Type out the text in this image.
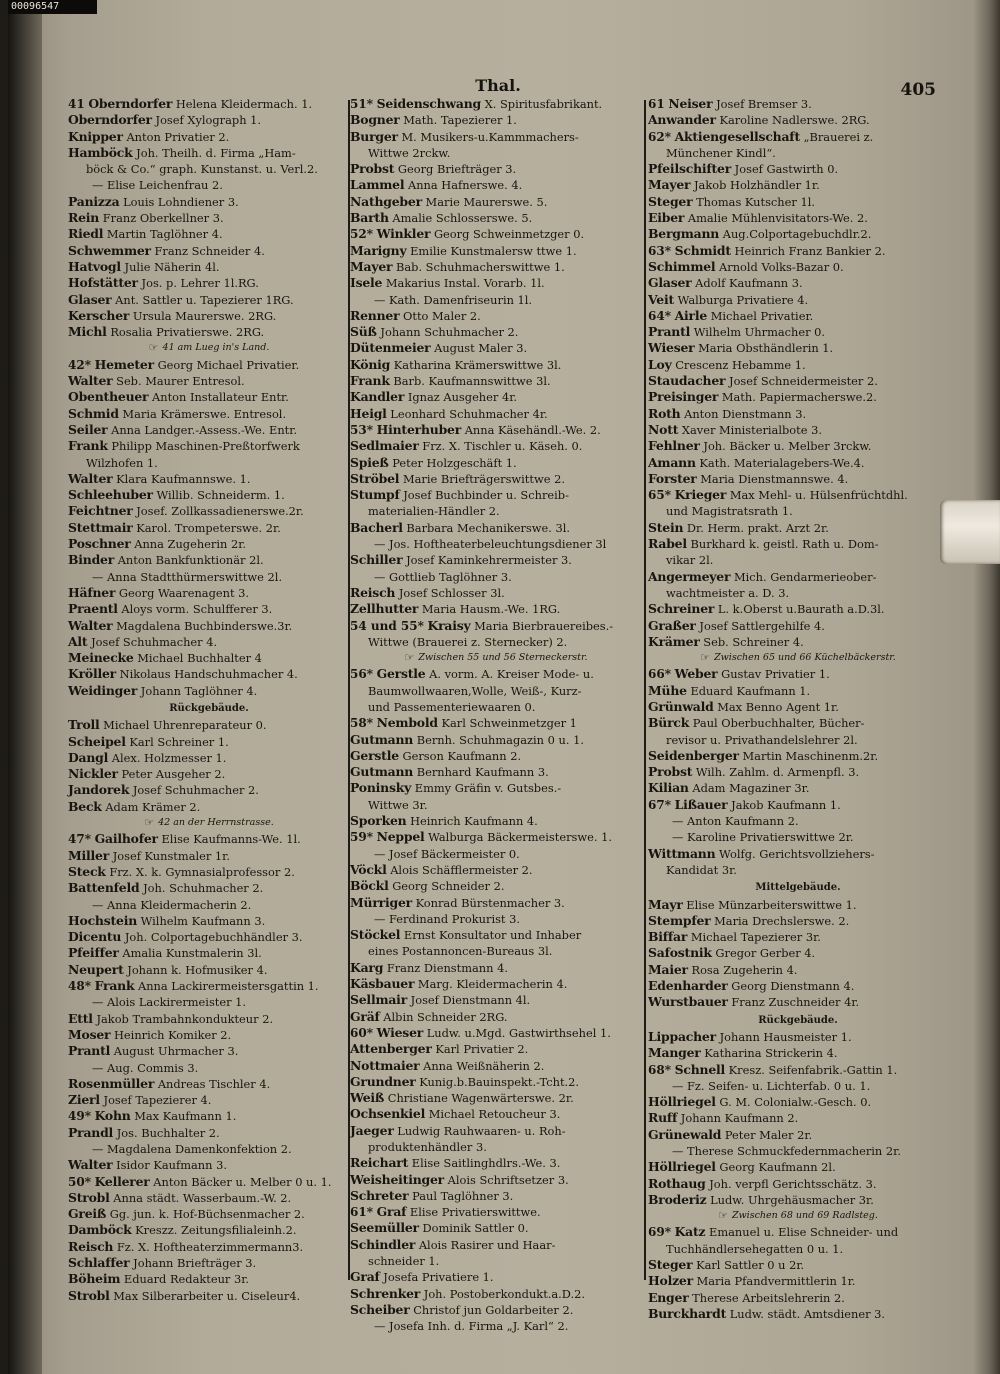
00096547
Thal.	405
41 Oberndorfer Helena Kleidermach. 1.
Oberndorfer Josef Xylograph 1.
Knipper Anton Privatier 2.
Hamböck Joh. Theilh. d. Firma „Ham-
böck & Co.“ graph. Kunstanst. u. Verl.2.
— Elise Leichenfrau 2.
Panizza Louis Lohndiener 3.
Rein Franz Oberkellner 3.
Riedl Martin Taglöhner 4.
Schwemmer Franz Schneider 4.
Hatvogl Julie Näherin 4l.
Hofstätter Jos. p. Lehrer 1l.RG.
Glaser Ant. Sattler u. Tapezierer 1RG.
Kerscher Ursula Maurerswe. 2RG.
Michl Rosalia Privatierswe. 2RG.
☞ 41 am Lueg in's Land.
42* Hemeter Georg Michael Privatier.
Walter Seb. Maurer Entresol.
Obentheuer Anton Installateur Entr.
Schmid Maria Krämerswe. Entresol.
Seiler Anna Landger.-Assess.-We. Entr.
Frank Philipp Maschinen-Preßtorfwerk
Wilzhofen 1.
Walter Klara Kaufmannswe. 1.
Schleehuber Willib. Schneiderm. 1.
Feichtner Josef. Zollkassadienerswe.2r.
Stettmair Karol. Trompeterswe. 2r.
Poschner Anna Zugeherin 2r.
Binder Anton Bankfunktionär 2l.
— Anna Stadtthürmerswittwe 2l.
Häfner Georg Waarenagent 3.
Praentl Aloys vorm. Schulfferer 3.
Walter Magdalena Buchbinderswe.3r.
Alt Josef Schuhmacher 4.
Meinecke Michael Buchhalter 4
Kröller Nikolaus Handschuhmacher 4.
Weidinger Johann Taglöhner 4.
Rückgebäude.
Troll Michael Uhrenreparateur 0.
Scheipel Karl Schreiner 1.
Dangl Alex. Holzmesser 1.
Nickler Peter Ausgeher 2.
Jandorek Josef Schuhmacher 2.
Beck Adam Krämer 2.
☞ 42 an der Herrnstrasse.
47* Gailhofer Elise Kaufmanns-We. 1l.
Miller Josef Kunstmaler 1r.
Steck Frz. X. k. Gymnasialprofessor 2.
Battenfeld Joh. Schuhmacher 2.
— Anna Kleidermacherin 2.
Hochstein Wilhelm Kaufmann 3.
Dicentu Joh. Colportagebuchhändler 3.
Pfeiffer Amalia Kunstmalerin 3l.
Neupert Johann k. Hofmusiker 4.
48* Frank Anna Lackirermeistersgattin 1.
— Alois Lackirermeister 1.
Ettl Jakob Trambahnkondukteur 2.
Moser Heinrich Komiker 2.
Prantl August Uhrmacher 3.
— Aug. Commis 3.
Rosenmüller Andreas Tischler 4.
Zierl Josef Tapezierer 4.
49* Kohn Max Kaufmann 1.
Prandl Jos. Buchhalter 2.
— Magdalena Damenkonfektion 2.
Walter Isidor Kaufmann 3.
50* Kellerer Anton Bäcker u. Melber 0 u. 1.
Strobl Anna städt. Wasserbaum.-W. 2.
Greiß Gg. jun. k. Hof-Büchsenmacher 2.
Damböck Kreszz. Zeitungsfilialeinh.2.
Reisch Fz. X. Hoftheaterzimmermann3.
Schlaffer Johann Briefträger 3.
Böheim Eduard Redakteur 3r.
Strobl Max Silberarbeiter u. Ciseleur4.
51* Seidenschwang X. Spiritusfabrikant.
Bogner Math. Tapezierer 1.
Burger M. Musikers-u.Kammmachers-
Wittwe 2rckw.
Probst Georg Briefträger 3.
Lammel Anna Hafnerswe. 4.
Nathgeber Marie Maurerswe. 5.
Barth Amalie Schlosserswe. 5.
52* Winkler Georg Schweinmetzger 0.
Marigny Emilie Kunstmalersw ttwe 1.
Mayer Bab. Schuhmacherswittwe 1.
Isele Makarius Instal. Vorarb. 1l.
— Kath. Damenfriseurin 1l.
Renner Otto Maler 2.
Süß Johann Schuhmacher 2.
Dütenmeier August Maler 3.
König Katharina Krämerswittwe 3l.
Frank Barb. Kaufmannswittwe 3l.
Kandler Ignaz Ausgeher 4r.
Heigl Leonhard Schuhmacher 4r.
53* Hinterhuber Anna Käsehändl.-We. 2.
Sedlmaier Frz. X. Tischler u. Käseh. 0.
Spieß Peter Holzgeschäft 1.
Ströbel Marie Briefträgerswittwe 2.
Stumpf Josef Buchbinder u. Schreib-
materialien-Händler 2.
Bacherl Barbara Mechanikerswe. 3l.
— Jos. Hoftheaterbeleuchtungsdiener 3l
Schiller Josef Kaminkehrermeister 3.
— Gottlieb Taglöhner 3.
Reisch Josef Schlosser 3l.
Zellhutter Maria Hausm.-We. 1RG.
54 und 55* Kraisy Maria Bierbrauereibes.-
Wittwe (Brauerei z. Sternecker) 2.
☞ Zwischen 55 und 56 Sterneckerstr.
56* Gerstle A. vorm. A. Kreiser Mode- u.
Baumwollwaaren,Wolle, Weiß-, Kurz-
und Passementeriewaaren 0.
58* Nembold Karl Schweinmetzger 1
Gutmann Bernh. Schuhmagazin 0 u. 1.
Gerstle Gerson Kaufmann 2.
Gutmann Bernhard Kaufmann 3.
Poninsky Emmy Gräfin v. Gutsbes.-
Wittwe 3r.
Sporken Heinrich Kaufmann 4.
59* Neppel Walburga Bäckermeisterswe. 1.
— Josef Bäckermeister 0.
Vöckl Alois Schäfflermeister 2.
Böckl Georg Schneider 2.
Mürriger Konrad Bürstenmacher 3.
— Ferdinand Prokurist 3.
Stöckel Ernst Konsultator und Inhaber
eines Postannoncen-Bureaus 3l.
Karg Franz Dienstmann 4.
Käsbauer Marg. Kleidermacherin 4.
Sellmair Josef Dienstmann 4l.
Gräf Albin Schneider 2RG.
60* Wieser Ludw. u.Mgd. Gastwirthsehel 1.
Attenberger Karl Privatier 2.
Nottmaier Anna Weißnäherin 2.
Grundner Kunig.b.Bauinspekt.-Tcht.2.
Weiß Christiane Wagenwärterswe. 2r.
Ochsenkiel Michael Retoucheur 3.
Jaeger Ludwig Rauhwaaren- u. Roh-
produktenhändler 3.
Reichart Elise Saitlinghdlrs.-We. 3.
Weisheitinger Alois Schriftsetzer 3.
Schreter Paul Taglöhner 3.
61* Graf Elise Privatierswittwe.
Seemüller Dominik Sattler 0.
Schindler Alois Rasirer und Haar-
schneider 1.
Graf Josefa Privatiere 1.
Schrenker Joh. Postoberkondukt.a.D.2.
Scheiber Christof jun Goldarbeiter 2.
— Josefa Inh. d. Firma „J. Karl“ 2.
61 Neiser Josef Bremser 3.
Anwander Karoline Nadlerswe. 2RG.
62* Aktiengesellschaft „Brauerei z.
Münchener Kindl“.
Pfeilschifter Josef Gastwirth 0.
Mayer Jakob Holzhändler 1r.
Steger Thomas Kutscher 1l.
Eiber Amalie Mühlenvisitators-We. 2.
Bergmann Aug.Colportagebuchdlr.2.
63* Schmidt Heinrich Franz Bankier 2.
Schimmel Arnold Volks-Bazar 0.
Glaser Adolf Kaufmann 3.
Veit Walburga Privatiere 4.
64* Airle Michael Privatier.
Prantl Wilhelm Uhrmacher 0.
Wieser Maria Obsthändlerin 1.
Loy Crescenz Hebamme 1.
Staudacher Josef Schneidermeister 2.
Preisinger Math. Papiermacherswe.2.
Roth Anton Dienstmann 3.
Nott Xaver Ministerialbote 3.
Fehlner Joh. Bäcker u. Melber 3rckw.
Amann Kath. Materialagebers-We.4.
Forster Maria Dienstmannswe. 4.
65* Krieger Max Mehl- u. Hülsenfrüchtdhl.
und Magistratsrath 1.
Stein Dr. Herm. prakt. Arzt 2r.
Rabel Burkhard k. geistl. Rath u. Dom-
vikar 2l.
Angermeyer Mich. Gendarmerieober-
wachtmeister a. D. 3.
Schreiner L. k.Oberst u.Baurath a.D.3l.
Graßer Josef Sattlergehilfe 4.
Krämer Seb. Schreiner 4.
☞ Zwischen 65 und 66 Küchelbäckerstr.
66* Weber Gustav Privatier 1.
Mühe Eduard Kaufmann 1.
Grünwald Max Benno Agent 1r.
Bürck Paul Oberbuchhalter, Bücher-
revisor u. Privathandelslehrer 2l.
Seidenberger Martin Maschinenm.2r.
Probst Wilh. Zahlm. d. Armenpfl. 3.
Kilian Adam Magaziner 3r.
67* Lißauer Jakob Kaufmann 1.
— Anton Kaufmann 2.
— Karoline Privatierswittwe 2r.
Wittmann Wolfg. Gerichtsvollziehers-
Kandidat 3r.
Mittelgebäude.
Mayr Elise Münzarbeiterswittwe 1.
Stempfer Maria Drechslerswe. 2.
Biffar Michael Tapezierer 3r.
Safostnik Gregor Gerber 4.
Maier Rosa Zugeherin 4.
Edenharder Georg Dienstmann 4.
Wurstbauer Franz Zuschneider 4r.
Rückgebäude.
Lippacher Johann Hausmeister 1.
Manger Katharina Strickerin 4.
68* Schnell Kresz. Seifenfabrik.-Gattin 1.
— Fz. Seifen- u. Lichterfab. 0 u. 1.
Höllriegel G. M. Colonialw.-Gesch. 0.
Ruff Johann Kaufmann 2.
Grünewald Peter Maler 2r.
— Therese Schmuckfedernmacherin 2r.
Höllriegel Georg Kaufmann 2l.
Rothaug Joh. verpfl Gerichtsschätz. 3.
Broderiz Ludw. Uhrgehäusmacher 3r.
☞ Zwischen 68 und 69 Radlsteg.
69* Katz Emanuel u. Elise Schneider- und
Tuchhändlersehegatten 0 u. 1.
Steger Karl Sattler 0 u 2r.
Holzer Maria Pfandvermittlerin 1r.
Enger Therese Arbeitslehrerin 2.
Burckhardt Ludw. städt. Amtsdiener 3.
